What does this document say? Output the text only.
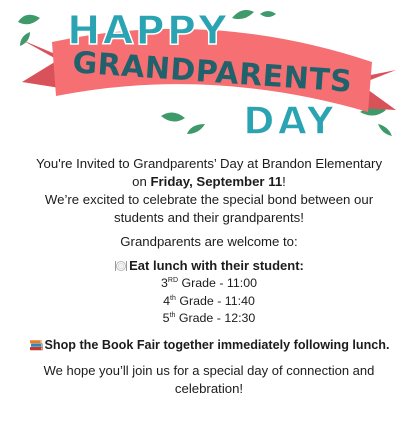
HAPPY
GRANDPARENTS
DAY

You're Invited to Grandparents’ Day at Brandon Elementary

on Friday, September 11!

We’re excited to celebrate the special bond between our

students and their grandparents!

Grandparents are welcome to:

Eat lunch with their student:

3RD Grade - 11:00

4th Grade - 11:40

5th Grade - 12:30

Shop the Book Fair together immediately following lunch.

We hope you’ll join us for a special day of connection and

celebration!
